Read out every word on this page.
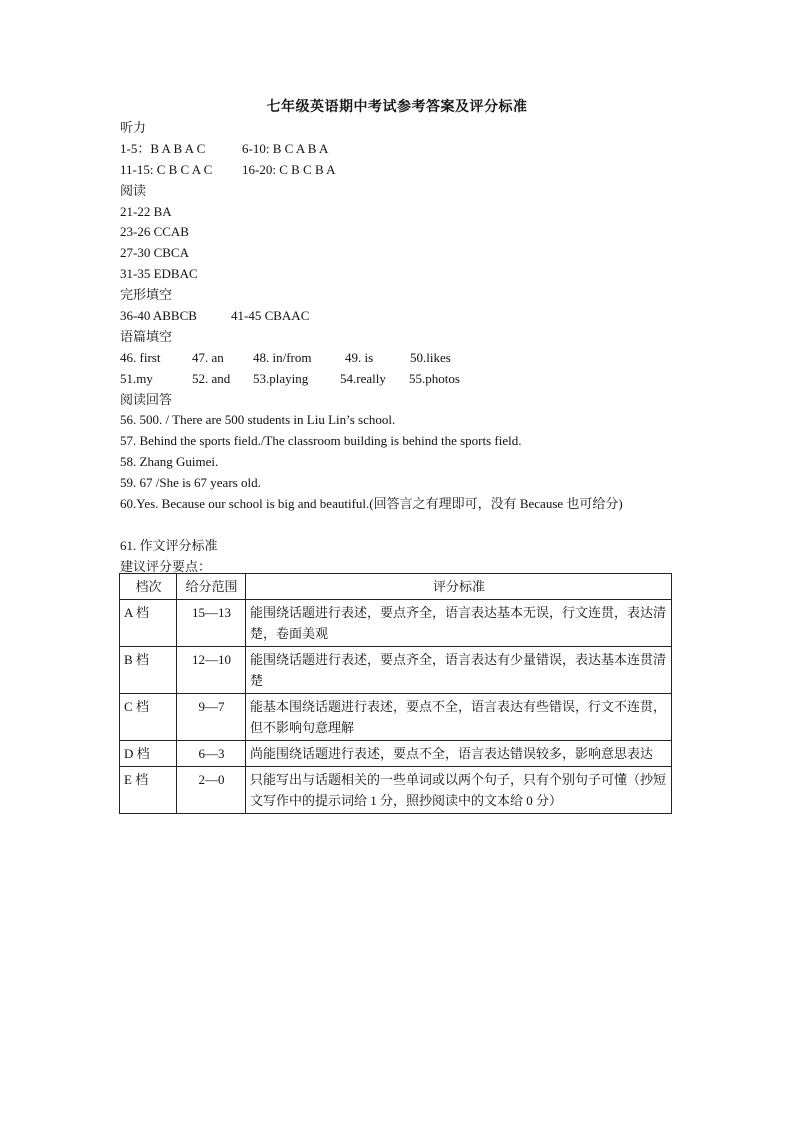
七年级英语期中考试参考答案及评分标准
听力
1-5：B A B A C	6-10: B C A B A
11-15: C B C A C 16-20: C B C B A
阅读
21-22 BA
23-26 CCAB
27-30 CBCA
31-35 EDBAC
完形填空
36-40 ABBCB	41-45 CBAAC
语篇填空
46. first 47. an 48. in/from	49. is	50.likes
51.my	52. and 53.playing 54.really 55.photos
阅读回答
56. 500. / There are 500 students in Liu Lin’s school.
57. Behind the sports field./The classroom building is behind the sports field.
58. Zhang Guimei.
59. 67 /She is 67 years old.
60.Yes. Because our school is big and beautiful.(回答言之有理即可，没有 Because 也可给分)
61. 作文评分标准
建议评分要点：
档次	给分范围	评分标准
A 档	15—13	能围绕话题进行表述，要点齐全，语言表达基本无误，行文连贯，表达清楚，卷面美观
B 档	12—10	能围绕话题进行表述，要点齐全，语言表达有少量错误，表达基本连贯清楚
C 档	9—7	能基本围绕话题进行表述，要点不全，语言表达有些错误，行文不连贯，但不影响句意理解
D 档	6—3	尚能围绕话题进行表述，要点不全，语言表达错误较多，影响意思表达
E 档	2—0	只能写出与话题相关的一些单词或以两个句子，只有个别句子可懂（抄短文写作中的提示词给 1 分，照抄阅读中的文本给 0 分）
